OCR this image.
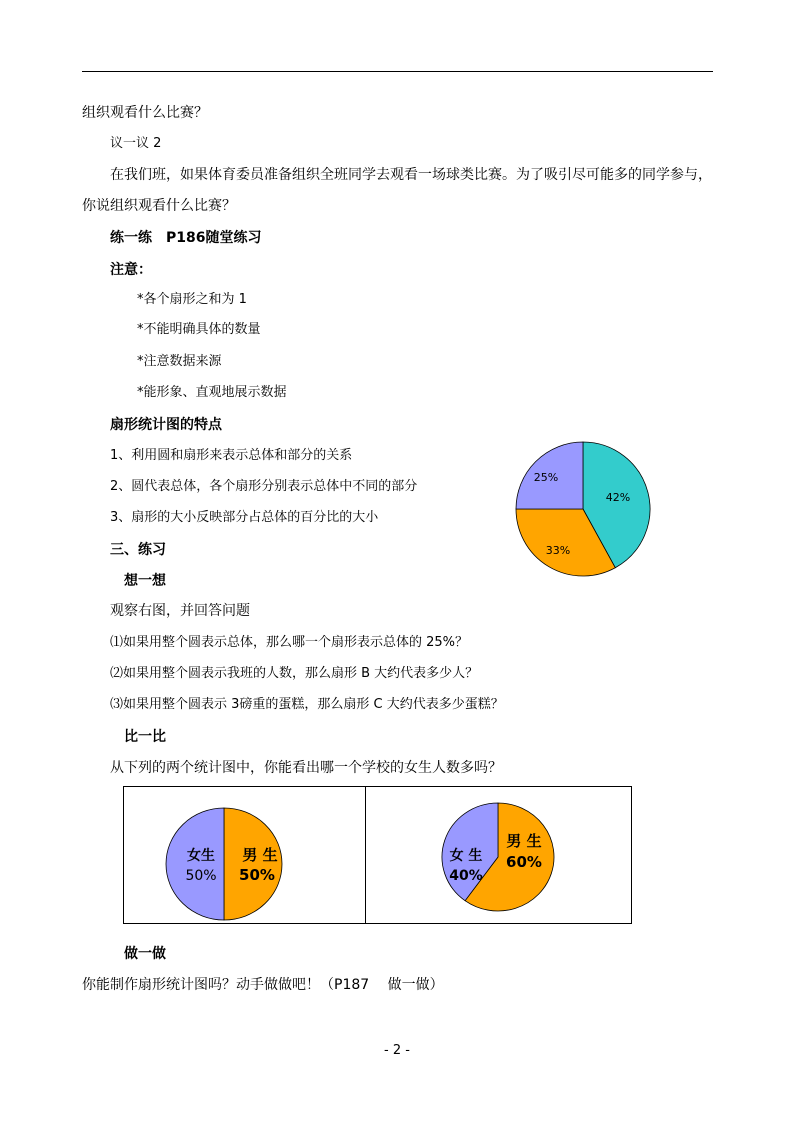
组织观看什么比赛？
议一议 2
在我们班，如果体育委员准备组织全班同学去观看一场球类比赛。为了吸引尽可能多的同学参与，
你说组织观看什么比赛？
练一练　P186随堂练习
注意：
*各个扇形之和为 1
*不能明确具体的数量
*注意数据来源
*能形象、直观地展示数据
扇形统计图的特点
1、利用圆和扇形来表示总体和部分的关系
2、圆代表总体，各个扇形分别表示总体中不同的部分
3、扇形的大小反映部分占总体的百分比的大小
三、练习
想一想
观察右图，并回答问题
⑴如果用整个圆表示总体，那么哪一个扇形表示总体的 25%？
⑵如果用整个圆表示我班的人数，那么扇形 B 大约代表多少人？
⑶如果用整个圆表示 3磅重的蛋糕，那么扇形 C 大约代表多少蛋糕？
比一比
从下列的两个统计图中，你能看出哪一个学校的女生人数多吗？
42%
33%
25%
男 生
50%
女生
50%
男 生
60%
女 生
40%
做一做
你能制作扇形统计图吗？动手做做吧！（P187　 做一做）
- 2 -
